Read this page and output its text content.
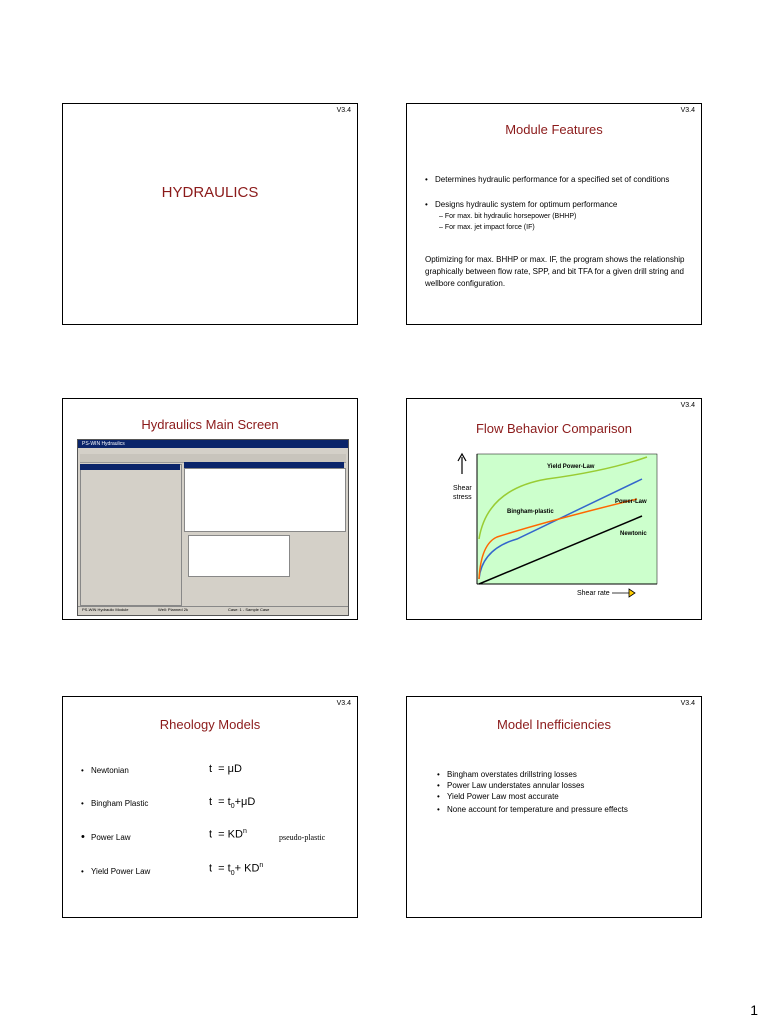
V3.4
HYDRAULICS
V3.4
Module Features
• Determines hydraulic performance for a specified set of conditions
• Designs hydraulic system for optimum performance
– For max. bit hydraulic horsepower (BHHP)
– For max. jet impact force (IF)
Optimizing for max. BHHP or max. IF, the program shows the relationship graphically between flow rate, SPP, and bit TFA for a given drill string and wellbore configuration.
Hydraulics Main Screen
PS-WIN Hydraulics
PS-WIN Hydraulic Module	Well: Planned 2k	Case: 1 - Sample Case
V3.4
Flow Behavior Comparison
Shear
stress
Shear rate
Yield Power-Law
Power-Law
Bingham-plastic
Newtonic
V3.4
Rheology Models
• Newtonian	t  = μD
• Bingham Plastic	$t = t_0+\mu D$
• Power Law	$t = KD^n$
pseudo-plastic
• Yield Power Law	$t = t_0+ KD^n$
V3.4
Model Inefficiencies
• Bingham overstates drillstring losses
• Power Law understates annular losses
• Yield Power Law most accurate
• None account for temperature and pressure effects
1
